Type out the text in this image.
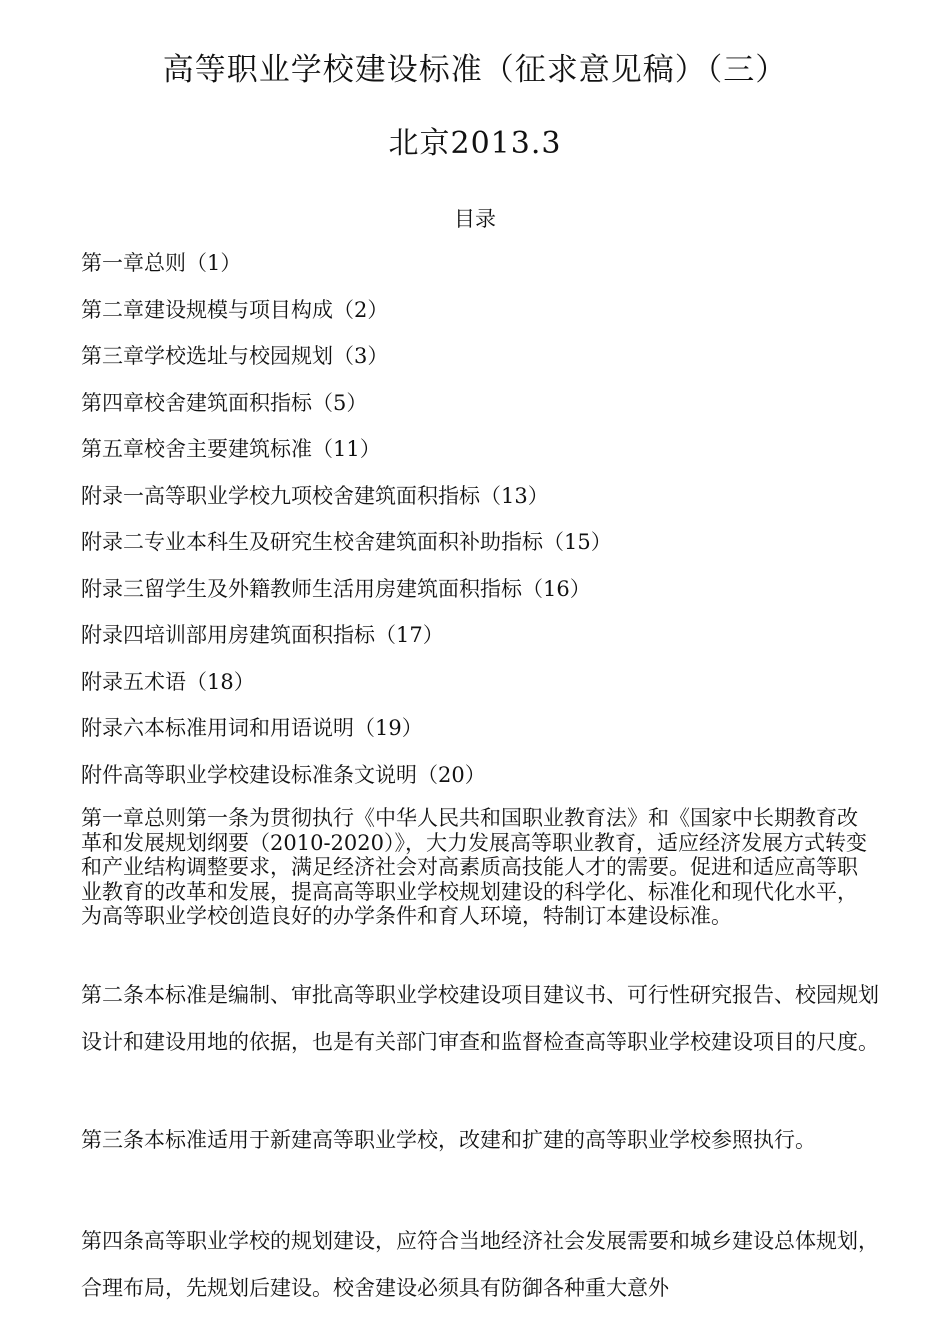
高等职业学校建设标准（征求意见稿）（三）
北京2013.3
目录
第一章总则（1）
第二章建设规模与项目构成（2）
第三章学校选址与校园规划（3）
第四章校舍建筑面积指标（5）
第五章校舍主要建筑标准（11）
附录一高等职业学校九项校舍建筑面积指标（13）
附录二专业本科生及研究生校舍建筑面积补助指标（15）
附录三留学生及外籍教师生活用房建筑面积指标（16）
附录四培训部用房建筑面积指标（17）
附录五术语（18）
附录六本标准用词和用语说明（19）
附件高等职业学校建设标准条文说明（20）

第一章总则第一条为贯彻执行《中华人民共和国职业教育法》和《国家中长期教育改革和发展规划纲要（2010-2020）》，大力发展高等职业教育，适应经济发展方式转变和产业结构调整要求，满足经济社会对高素质高技能人才的需要。促进和适应高等职业教育的改革和发展，提高高等职业学校规划建设的科学化、标准化和现代化水平，为高等职业学校创造良好的办学条件和育人环境，特制订本建设标准。

第二条本标准是编制、审批高等职业学校建设项目建议书、可行性研究报告、校园规划设计和建设用地的依据，也是有关部门审查和监督检查高等职业学校建设项目的尺度。

第三条本标准适用于新建高等职业学校，改建和扩建的高等职业学校参照执行。

第四条高等职业学校的规划建设，应符合当地经济社会发展需要和城乡建设总体规划，合理布局，先规划后建设。校舍建设必须具有防御各种重大意外
